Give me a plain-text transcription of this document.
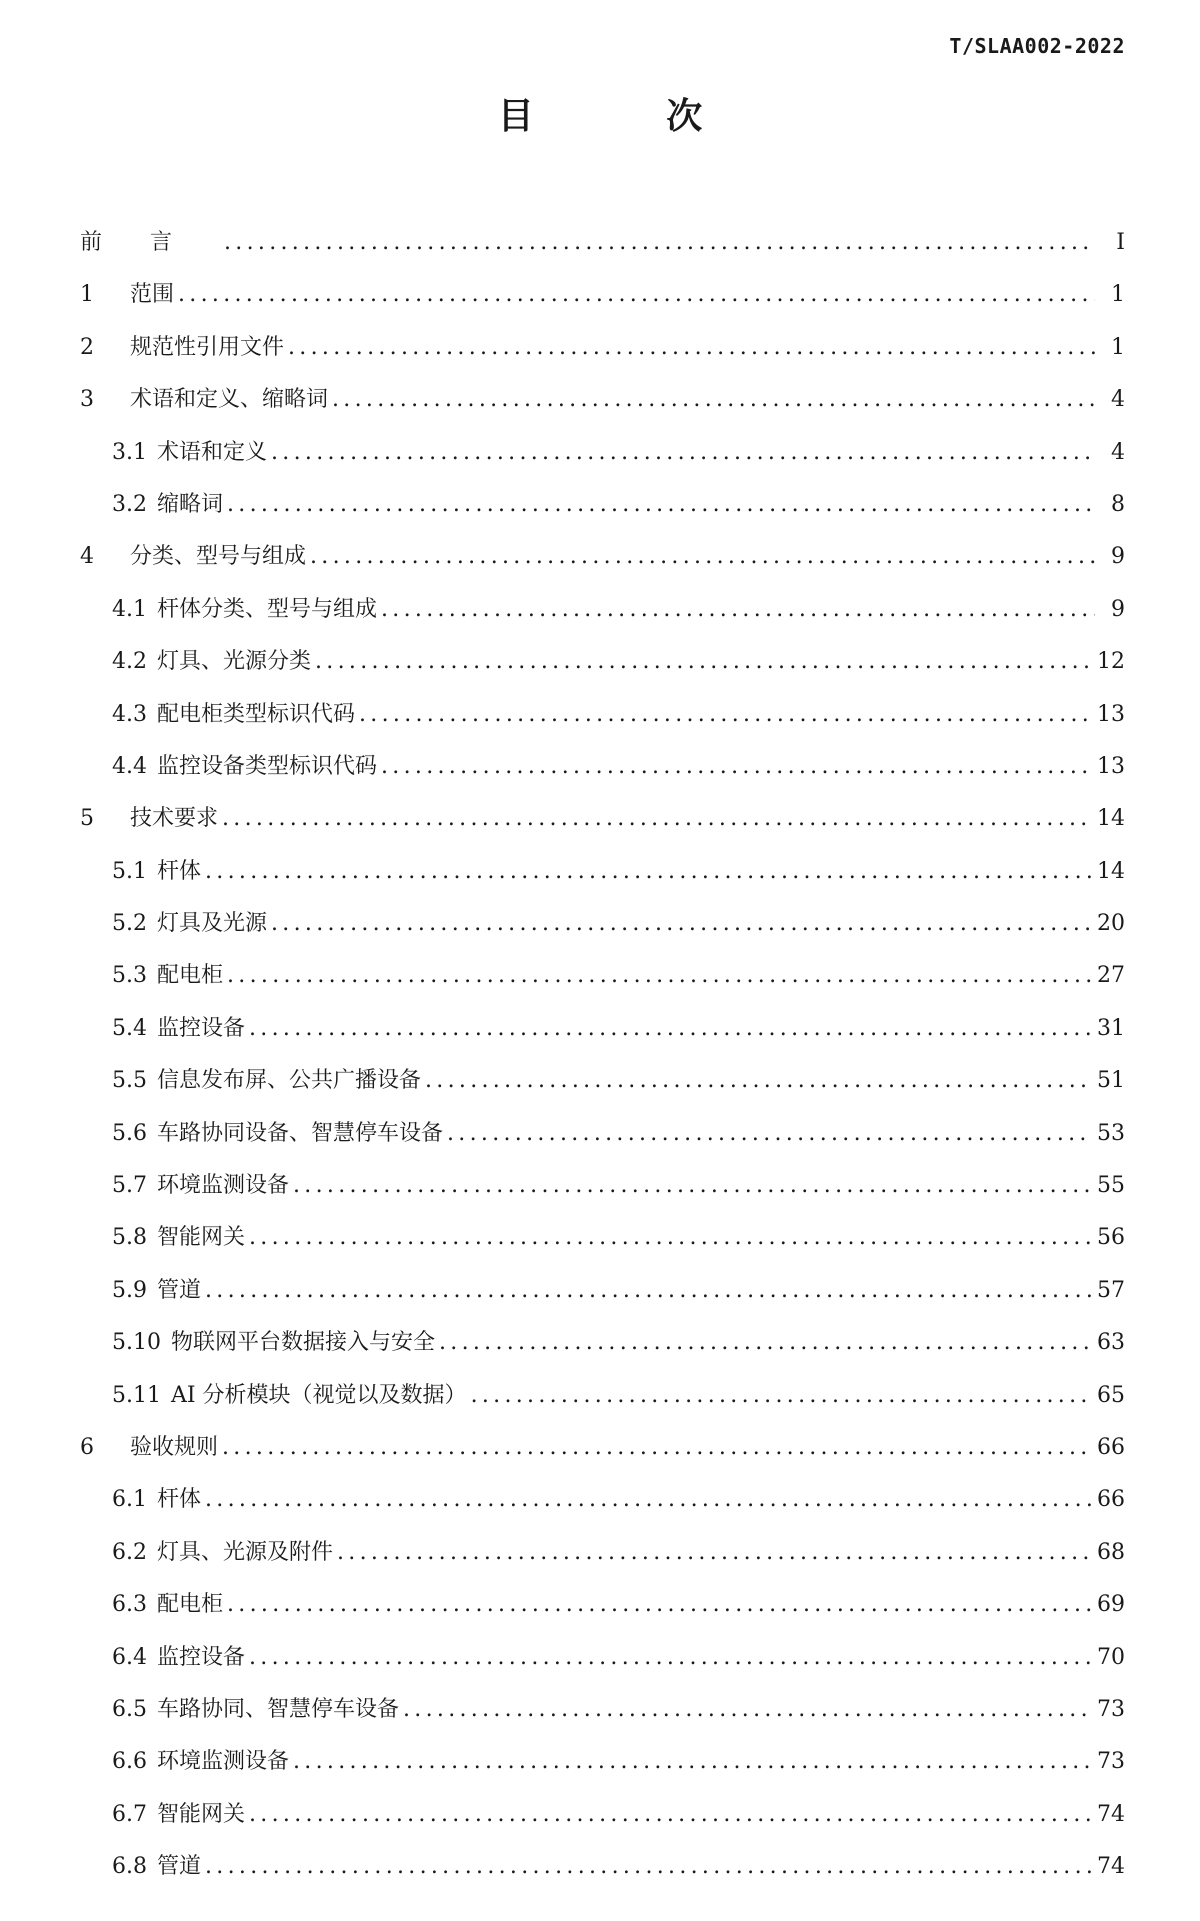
T/SLAA002-2022
目 次
前言 .....	I
1	范围 .....	1
2	规范性引用文件 .....	1
3	术语和定义、缩略词 .....	4
3.1 术语和定义 .....	4
3.2 缩略词 .....	8
4	分类、型号与组成 .....	9
4.1 杆体分类、型号与组成 .....	9
4.2 灯具、光源分类 .....	12
4.3 配电柜类型标识代码 .....	13
4.4 监控设备类型标识代码 .....	13
5	技术要求 .....	14
5.1 杆体 .....	14
5.2 灯具及光源 .....	20
5.3 配电柜 .....	27
5.4 监控设备 .....	31
5.5 信息发布屏、公共广播设备 .....	51
5.6 车路协同设备、智慧停车设备 .....	53
5.7 环境监测设备 .....	55
5.8 智能网关 .....	56
5.9 管道 .....	57
5.10 物联网平台数据接入与安全 .....	63
5.11 AI 分析模块（视觉以及数据） .....	65
6	验收规则 .....	66
6.1 杆体 .....	66
6.2 灯具、光源及附件 .....	68
6.3 配电柜 .....	69
6.4 监控设备 .....	70
6.5 车路协同、智慧停车设备 .....	73
6.6 环境监测设备 .....	73
6.7 智能网关 .....	74
6.8 管道 .....	74
